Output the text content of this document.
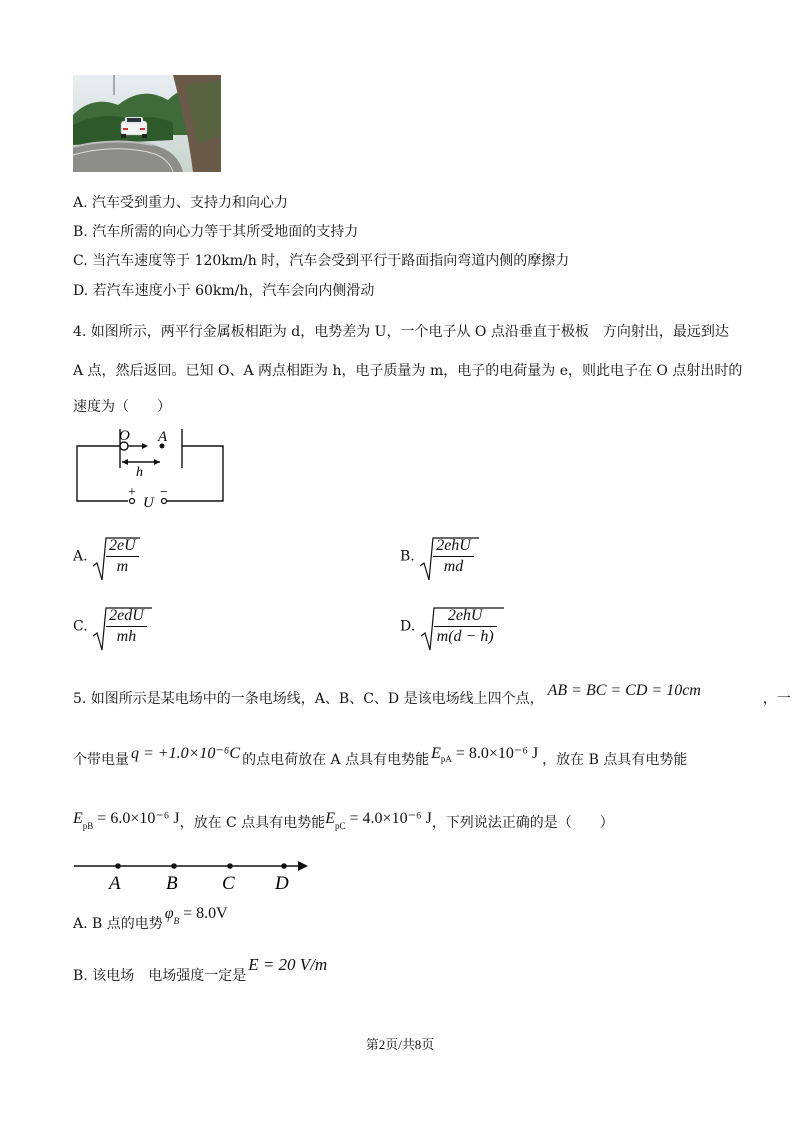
A. 汽车受到重力、支持力和向心力
B. 汽车所需的向心力等于其所受地面的支持力
C. 当汽车速度等于 120km/h 时，汽车会受到平行于路面指向弯道内侧的摩擦力
D. 若汽车速度小于 60km/h，汽车会向内侧滑动
4. 如图所示，两平行金属板相距为 d，电势差为 U，一个电子从 O 点沿垂直于极板　方向射出，最远到达
A 点，然后返回。已知 O、A 两点相距为 h，电子质量为 m，电子的电荷量为 e，则此电子在 O 点射出时的
速度为（　　）
O A
h
+ −
U
A. $\frac{2eU}{m}$	B. $\frac{\text{2ehU}}{md}$
C. $\frac{\text{2edU}}{mh}$	D. $\frac{\text{2ehU}}{m(d - h)}$
5. 如图所示是某电场中的一条电场线，A、B、C、D 是该电场线上四个点， AB = BC = CD = 10cm	，一
个带电量 q = +1.0×10⁻⁶C 的点电荷放在 A 点具有电势能 $E_{pA} = 8.0\times 10^{-6}$ J ，放在 B 点具有电势能
$E_{pB} = 6.0\times 10^{-6}$ J，放在 C 点具有电势能$E_{pC} = 4.0\times 10^{-6}$ J，下列说法正确的是（　　）
A B C D
A. B 点的电势$\varphi_B = 8.0V$
B. 该电场　电场强度一定是E = 20 V/m
第2页/共8页
